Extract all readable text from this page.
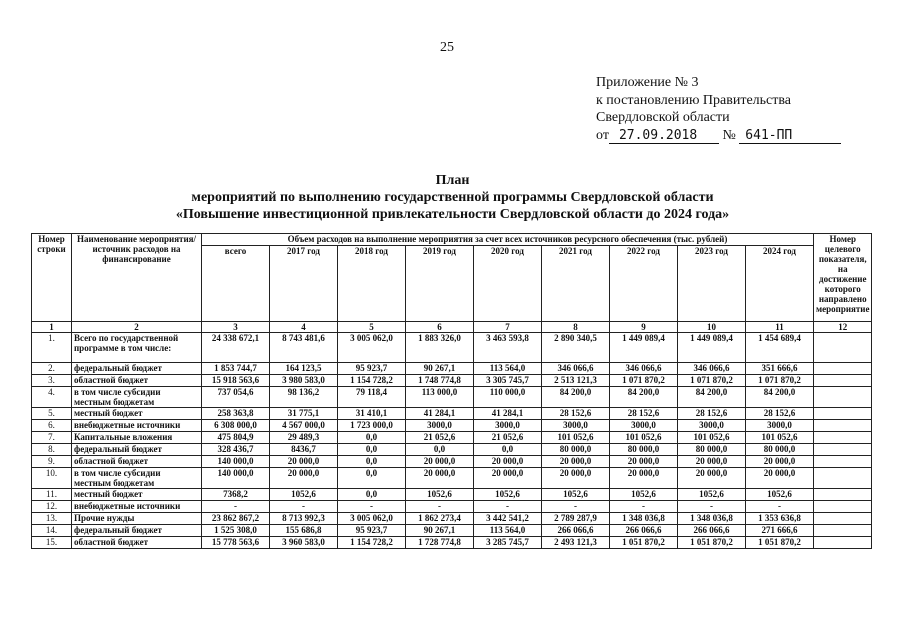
25
Приложение № 3
к постановлению Правительства
Свердловской области
от 27.09.2018 № 641-ПП
План
мероприятий по выполнению государственной программы Свердловской области
«Повышение инвестиционной привлекательности Свердловской области до 2024 года»
Номер строки	Наименование мероприятия/источник расходов на финансирование	Объем расходов на выполнение мероприятия за счет всех источников ресурсного обеспечения (тыс. рублей)									Номер целевого показателя, на достижение которого направлено мероприятие
		всего	2017 год	2018 год	2019 год	2020 год	2021 год	2022 год	2023 год	2024 год	
1	2	3	4	5	6	7	8	9	10	11	12
1.	Всего по государственной программе в том числе:	24 338 672,1	8 743 481,6	3 005 062,0	1 883 326,0	3 463 593,8	2 890 340,5	1 449 089,4	1 449 089,4	1 454 689,4	
2.	федеральный бюджет	1 853 744,7	164 123,5	95 923,7	90 267,1	113 564,0	346 066,6	346 066,6	346 066,6	351 666,6	
3.	областной бюджет	15 918 563,6	3 980 583,0	1 154 728,2	1 748 774,8	3 305 745,7	2 513 121,3	1 071 870,2	1 071 870,2	1 071 870,2	
4.	в том числе субсидии местным бюджетам	737 054,6	98 136,2	79 118,4	113 000,0	110 000,0	84 200,0	84 200,0	84 200,0	84 200,0	
5.	местный бюджет	258 363,8	31 775,1	31 410,1	41 284,1	41 284,1	28 152,6	28 152,6	28 152,6	28 152,6	
6.	внебюджетные источники	6 308 000,0	4 567 000,0	1 723 000,0	3000,0	3000,0	3000,0	3000,0	3000,0	3000,0	
7.	Капитальные вложения	475 804,9	29 489,3	0,0	21 052,6	21 052,6	101 052,6	101 052,6	101 052,6	101 052,6	
8.	федеральный бюджет	328 436,7	8436,7	0,0	0,0	0,0	80 000,0	80 000,0	80 000,0	80 000,0	
9.	областной бюджет	140 000,0	20 000,0	0,0	20 000,0	20 000,0	20 000,0	20 000,0	20 000,0	20 000,0	
10.	в том числе субсидии местным бюджетам	140 000,0	20 000,0	0,0	20 000,0	20 000,0	20 000,0	20 000,0	20 000,0	20 000,0	
11.	местный бюджет	7368,2	1052,6	0,0	1052,6	1052,6	1052,6	1052,6	1052,6	1052,6	
12.	внебюджетные источники	-	-	-	-	-	-	-	-	-	
13.	Прочие нужды	23 862 867,2	8 713 992,3	3 005 062,0	1 862 273,4	3 442 541,2	2 789 287,9	1 348 036,8	1 348 036,8	1 353 636,8	
14.	федеральный бюджет	1 525 308,0	155 686,8	95 923,7	90 267,1	113 564,0	266 066,6	266 066,6	266 066,6	271 666,6	
15.	областной бюджет	15 778 563,6	3 960 583,0	1 154 728,2	1 728 774,8	3 285 745,7	2 493 121,3	1 051 870,2	1 051 870,2	1 051 870,2	
